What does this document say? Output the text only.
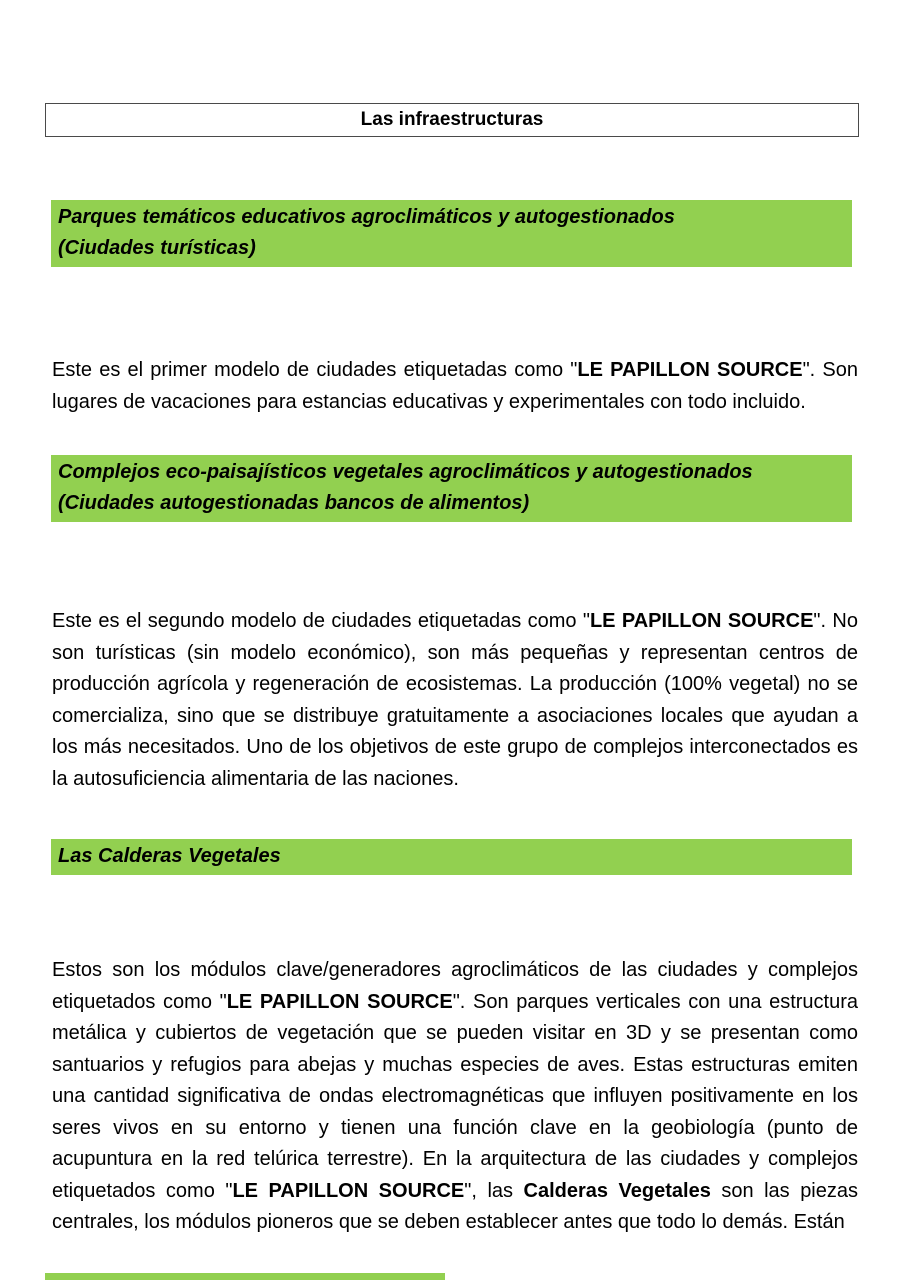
Las infraestructuras
Parques temáticos educativos agroclimáticos y autogestionados
(Ciudades turísticas)

Este es el primer modelo de ciudades etiquetadas como "LE PAPILLON SOURCE". Son lugares de vacaciones para estancias educativas y experimentales con todo incluido.

Complejos eco-paisajísticos vegetales agroclimáticos y autogestionados
(Ciudades autogestionadas bancos de alimentos)

Este es el segundo modelo de ciudades etiquetadas como "LE PAPILLON SOURCE". No son turísticas (sin modelo económico), son más pequeñas y representan centros de producción agrícola y regeneración de ecosistemas. La producción (100% vegetal) no se comercializa, sino que se distribuye gratuitamente a asociaciones locales que ayudan a los más necesitados. Uno de los objetivos de este grupo de complejos interconectados es la autosuficiencia alimentaria de las naciones.

Las Calderas Vegetales

Estos son los módulos clave/generadores agroclimáticos de las ciudades y complejos etiquetados como "LE PAPILLON SOURCE". Son parques verticales con una estructura metálica y cubiertos de vegetación que se pueden visitar en 3D y se presentan como santuarios y refugios para abejas y muchas especies de aves. Estas estructuras emiten una cantidad significativa de ondas electromagnéticas que influyen positivamente en los seres vivos en su entorno y tienen una función clave en la geobiología (punto de acupuntura en la red telúrica terrestre). En la arquitectura de las ciudades y complejos etiquetados como "LE PAPILLON SOURCE", las Calderas Vegetales son las piezas centrales, los módulos pioneros que se deben establecer antes que todo lo demás. Están
